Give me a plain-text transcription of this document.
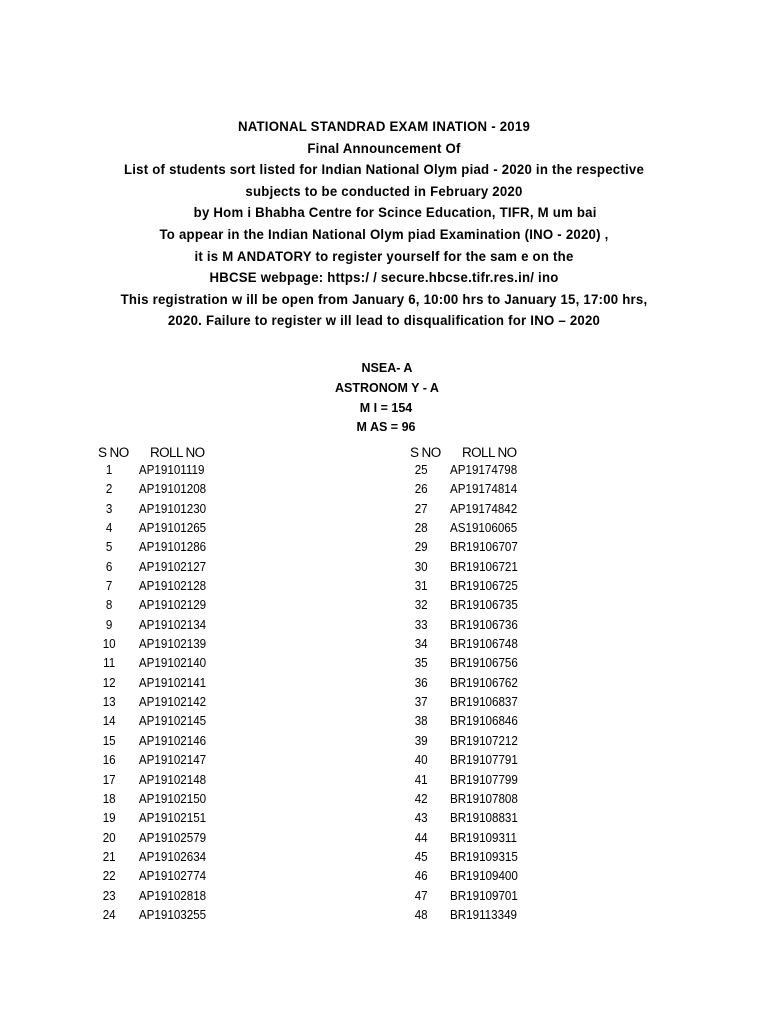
NATIONAL STANDRAD EXAM INATION - 2019
Final Announcement Of
List of students sort listed for Indian National Olym piad - 2020 in the respective
subjects to be conducted in February 2020
by Hom i Bhabha Centre for Scince Education, TIFR, M um bai
To appear in the Indian National Olym piad Examination (INO - 2020) ,
it is M ANDATORY to register yourself for the sam e on the
HBCSE webpage: https:/ / secure.hbcse.tifr.res.in/ ino
This registration w ill be open from January 6, 10:00 hrs to January 15, 17:00 hrs,
2020. Failure to register w ill lead to disqualification for INO – 2020
NSEA- A
ASTRONOM Y - A
M I = 154
M AS = 96
S NO ROLL NO
1 AP19101119
2 AP19101208
3 AP19101230
4 AP19101265
5 AP19101286
6 AP19102127
7 AP19102128
8 AP19102129
9 AP19102134
10 AP19102139
11 AP19102140
12 AP19102141
13 AP19102142
14 AP19102145
15 AP19102146
16 AP19102147
17 AP19102148
18 AP19102150
19 AP19102151
20 AP19102579
21 AP19102634
22 AP19102774
23 AP19102818
24 AP19103255
S NO ROLL NO
25 AP19174798
26 AP19174814
27 AP19174842
28 AS19106065
29 BR19106707
30 BR19106721
31 BR19106725
32 BR19106735
33 BR19106736
34 BR19106748
35 BR19106756
36 BR19106762
37 BR19106837
38 BR19106846
39 BR19107212
40 BR19107791
41 BR19107799
42 BR19107808
43 BR19108831
44 BR19109311
45 BR19109315
46 BR19109400
47 BR19109701
48 BR19113349
